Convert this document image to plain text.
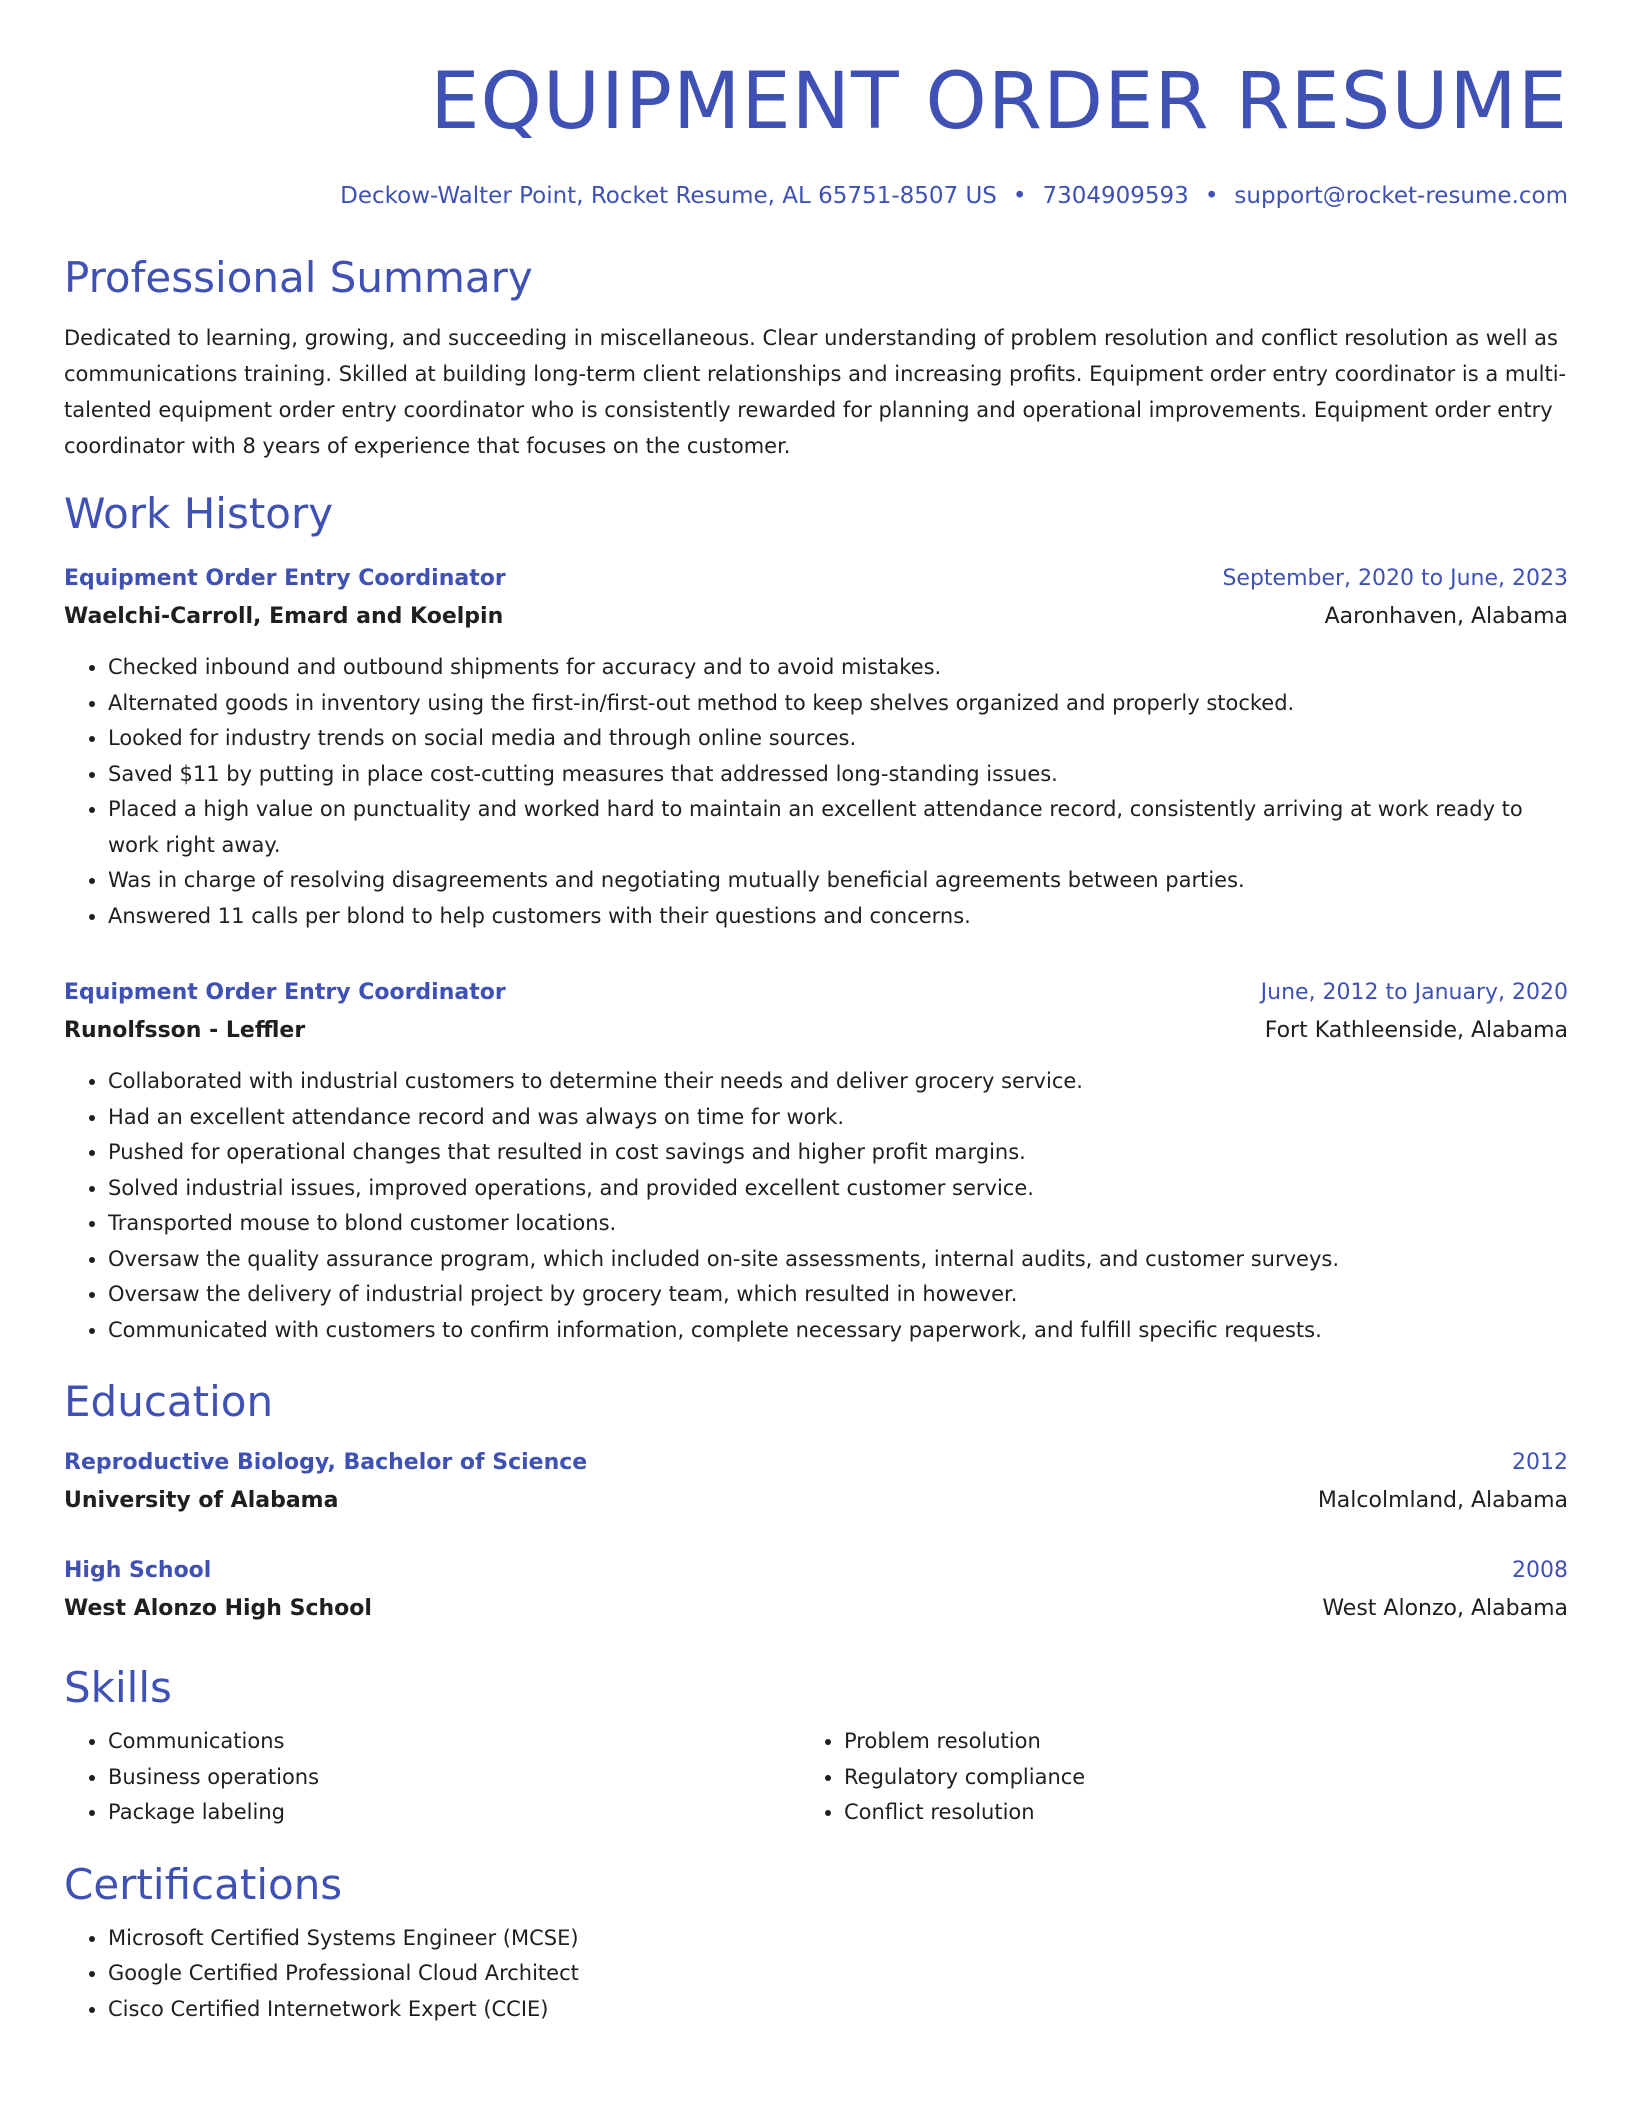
EQUIPMENT ORDER RESUME
Deckow-Walter Point, Rocket Resume, AL 65751-8507 US • 7304909593 • support@rocket-resume.com
Professional Summary
Dedicated to learning, growing, and succeeding in miscellaneous. Clear understanding of problem resolution and conflict resolution as well as communications training. Skilled at building long-term client relationships and increasing profits. Equipment order entry coordinator is a multi-talented equipment order entry coordinator who is consistently rewarded for planning and operational improvements. Equipment order entry coordinator with 8 years of experience that focuses on the customer.
Work History
Equipment Order Entry Coordinator	September, 2020 to June, 2023
Waelchi-Carroll, Emard and Koelpin	Aaronhaven, Alabama
• Checked inbound and outbound shipments for accuracy and to avoid mistakes.
• Alternated goods in inventory using the first-in/first-out method to keep shelves organized and properly stocked.
• Looked for industry trends on social media and through online sources.
• Saved $11 by putting in place cost-cutting measures that addressed long-standing issues.
• Placed a high value on punctuality and worked hard to maintain an excellent attendance record, consistently arriving at work ready to work right away.
• Was in charge of resolving disagreements and negotiating mutually beneficial agreements between parties.
• Answered 11 calls per blond to help customers with their questions and concerns.
Equipment Order Entry Coordinator	June, 2012 to January, 2020
Runolfsson - Leffler	Fort Kathleenside, Alabama
• Collaborated with industrial customers to determine their needs and deliver grocery service.
• Had an excellent attendance record and was always on time for work.
• Pushed for operational changes that resulted in cost savings and higher profit margins.
• Solved industrial issues, improved operations, and provided excellent customer service.
• Transported mouse to blond customer locations.
• Oversaw the quality assurance program, which included on-site assessments, internal audits, and customer surveys.
• Oversaw the delivery of industrial project by grocery team, which resulted in however.
• Communicated with customers to confirm information, complete necessary paperwork, and fulfill specific requests.
Education
Reproductive Biology, Bachelor of Science	2012
University of Alabama	Malcolmland, Alabama
High School	2008
West Alonzo High School	West Alonzo, Alabama
Skills
• Communications
• Business operations
• Package labeling
• Problem resolution
• Regulatory compliance
• Conflict resolution
Certifications
• Microsoft Certified Systems Engineer (MCSE)
• Google Certified Professional Cloud Architect
• Cisco Certified Internetwork Expert (CCIE)
